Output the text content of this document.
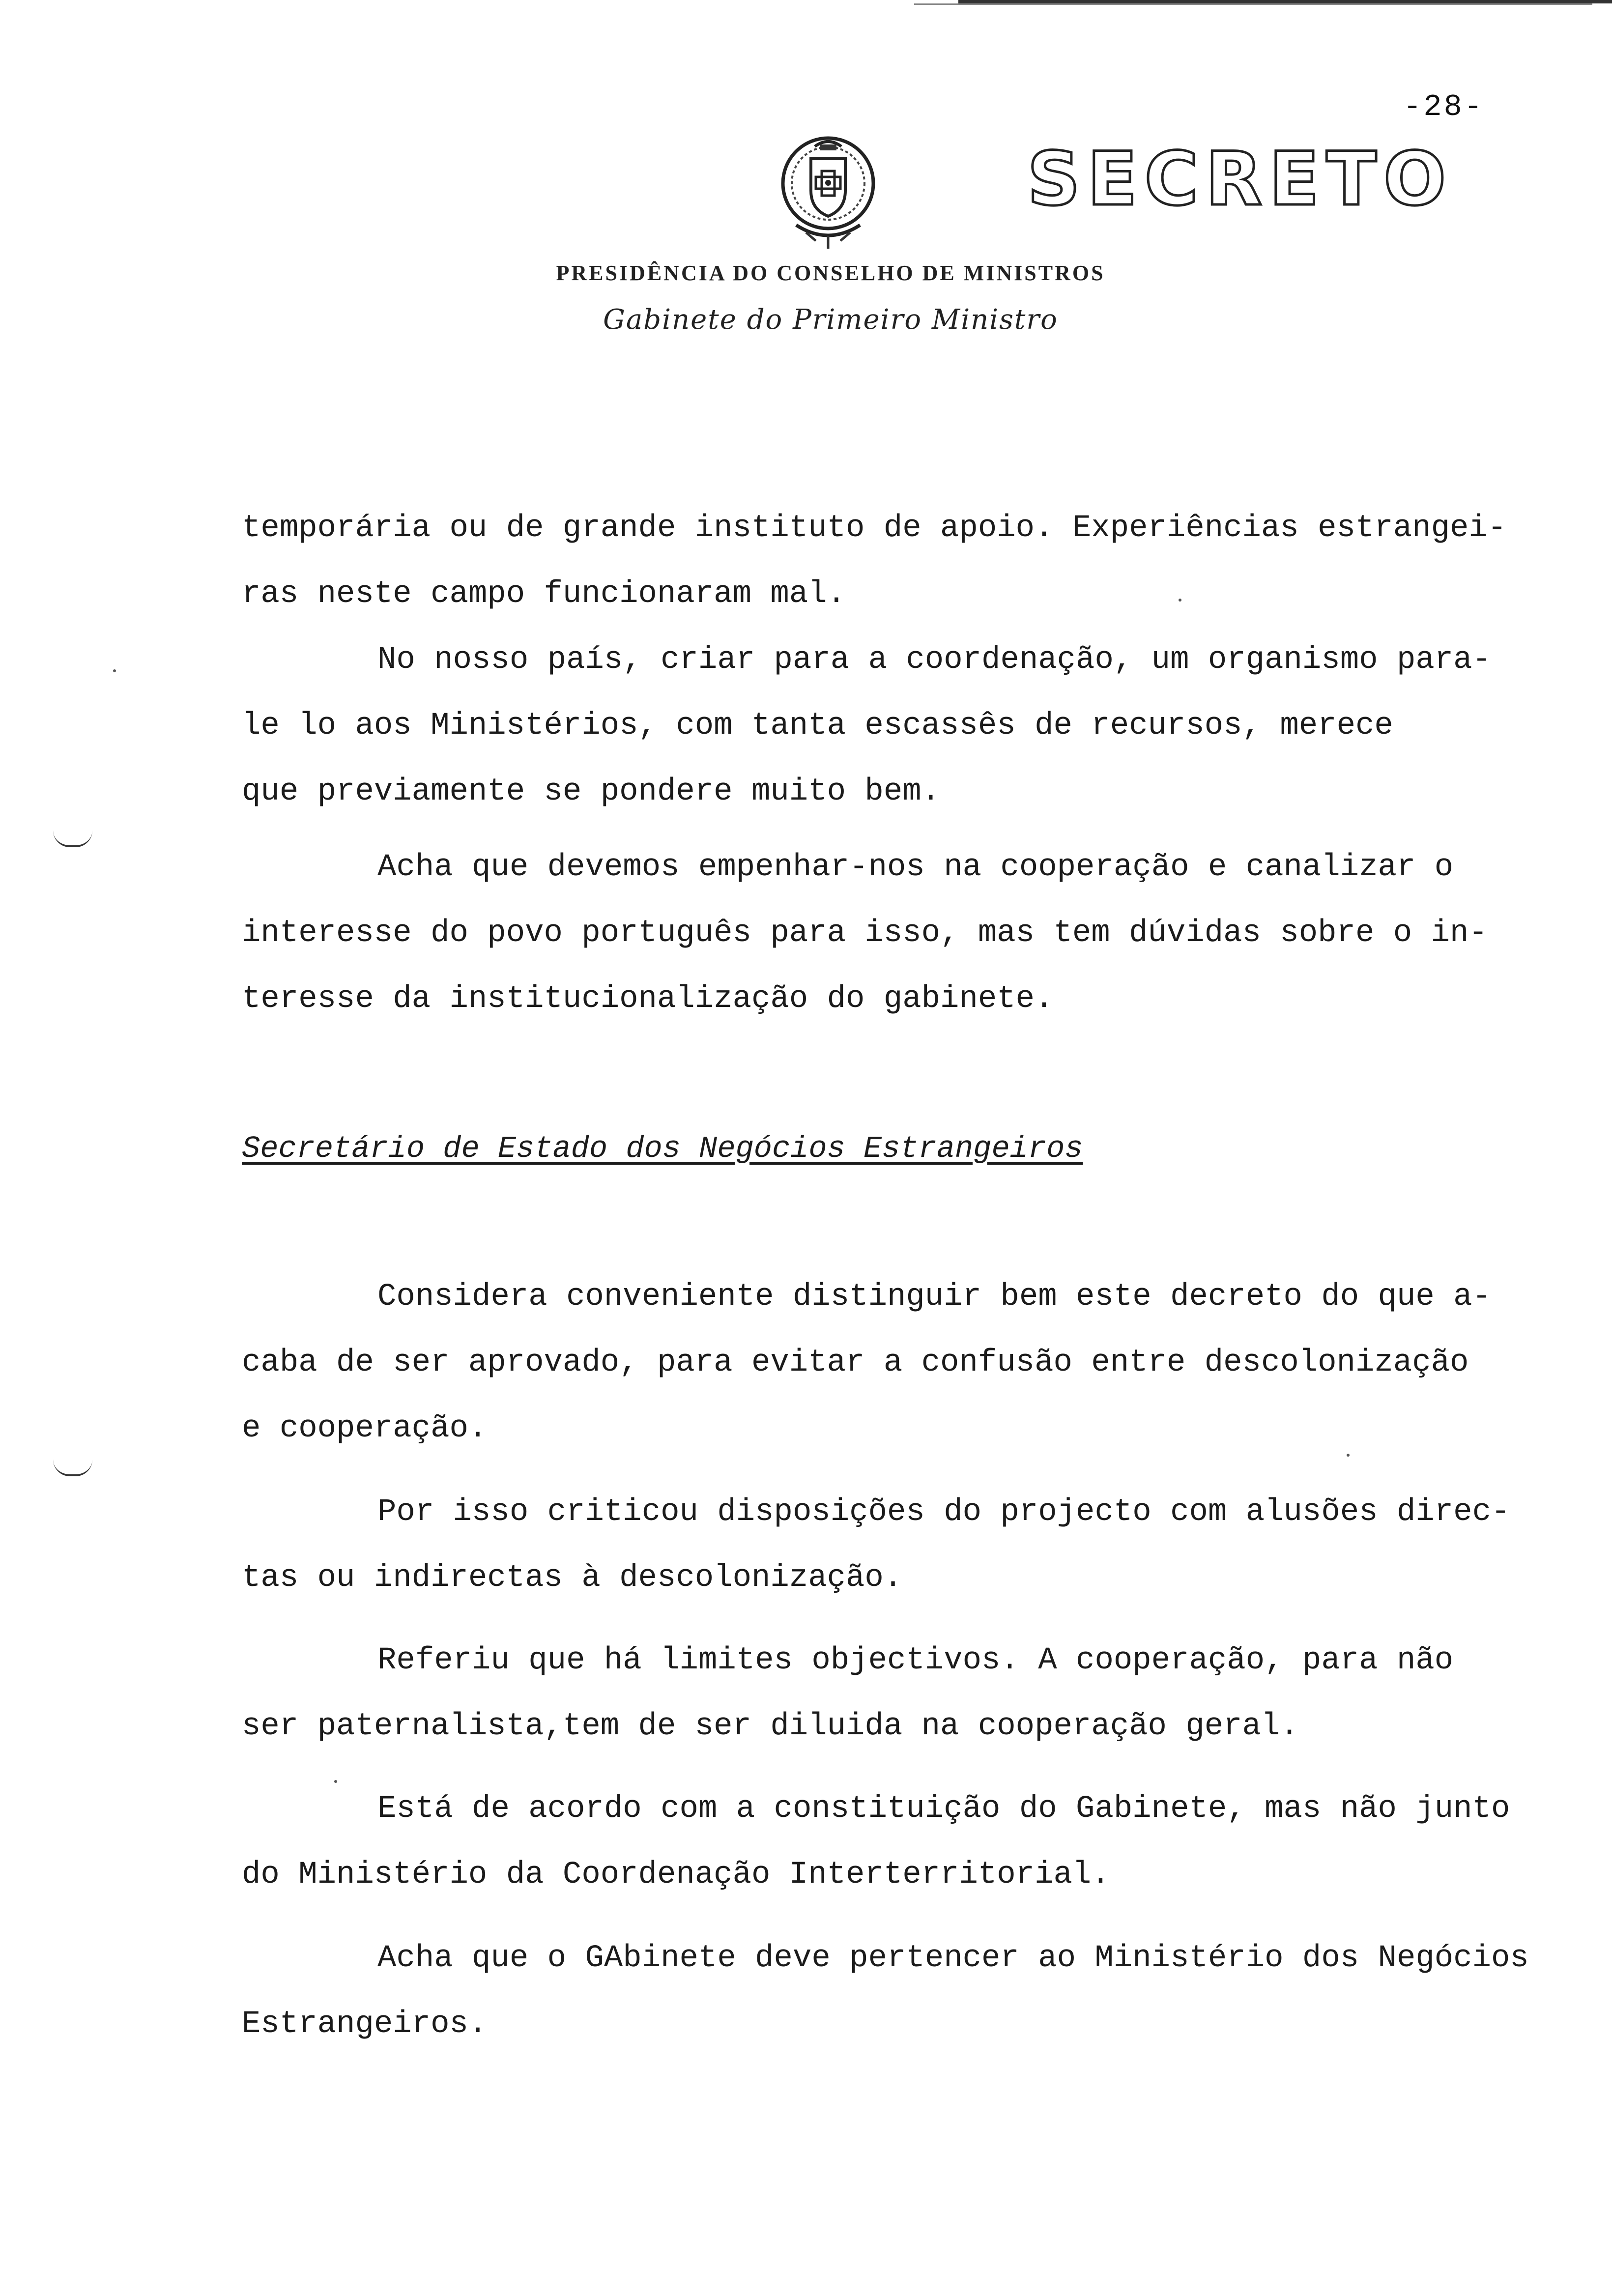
-28-
SECRETO
PRESIDÊNCIA DO CONSELHO DE MINISTROS
Gabinete do Primeiro Ministro
temporária ou de grande instituto de apoio. Experiências estrangei-
ras neste campo funcionaram mal.
No nosso país, criar para a coordenação, um organismo para-
le lo aos Ministérios, com tanta escassês de recursos, merece
que previamente se pondere muito bem.
Acha que devemos empenhar-nos na cooperação e canalizar o
interesse do povo português para isso, mas tem dúvidas sobre o in-
teresse da institucionalização do gabinete.
Secretário de Estado dos Negócios Estrangeiros
Considera conveniente distinguir bem este decreto do que a-
caba de ser aprovado, para evitar a confusão entre descolonização
e cooperação.
Por isso criticou disposições do projecto com alusões direc-
tas ou indirectas à descolonização.
Referiu que há limites objectivos. A cooperação, para não
ser paternalista,tem de ser diluida na cooperação geral.
Está de acordo com a constituição do Gabinete, mas não junto
do Ministério da Coordenação Interterritorial.
Acha que o GAbinete deve pertencer ao Ministério dos Negócios
Estrangeiros.
